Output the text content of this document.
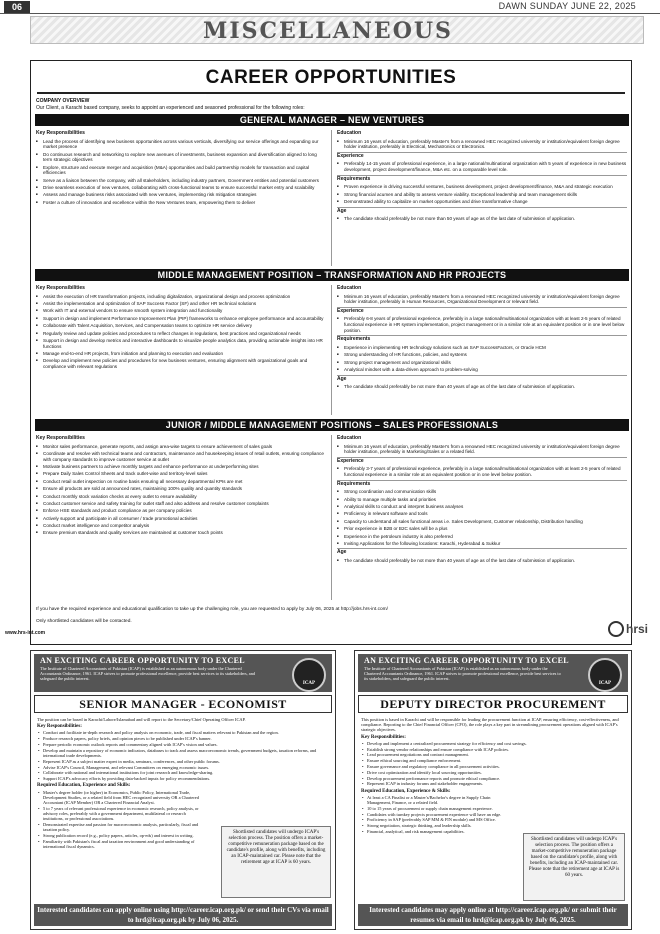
06	DAWN SUNDAY JUNE 22, 2025
MISCELLANEOUS
CAREER OPPORTUNITIES
COMPANY OVERVIEW
Our Client, a Karachi based company, seeks to appoint an experienced and seasoned professional for the following roles:
GENERAL MANAGER – NEW VENTURES
Key Responsibilities
■ Lead the process of identifying new business opportunities across various verticals, diversifying our service offerings and expanding our market presence
■ Do continuous research and networking to explore new avenues of investments, business expansion and diversification aligned to long term strategic objectives
■ Explore, structure and execute merger and acquisition (M&A) opportunities and build partnership models for transaction and capital efficiencies
■ Serve as a liaison between the company, with all stakeholders, including industry partners, Government entities and potential customers
■ Drive seamless execution of new ventures, collaborating with cross-functional teams to ensure successful market entry and scalability
■ Assess and manage business risks associated with new ventures, implementing risk mitigation strategies
■ Foster a culture of innovation and excellence within the New Ventures team, empowering them to deliver
Education
■ Minimum 16 years of education, preferably Master's from a renowned HEC recognized university or institution/equivalent foreign degree holder institution, preferably in Electrical, Mechatronics or Electronics.
Experience
■ Preferably 14-15 years of professional experience, in a large national/multinational organization with 5 years of experience in new business development, project development/finance, M&A etc. on a comparable level role.
Requirements
■ Proven experience in driving successful ventures, business development, project development/finance, M&A and strategic execution
■ Strong financial acumen and ability to assess venture viability. Exceptional leadership and team management skills
■ Demonstrated ability to capitalize on market opportunities and drive transformative change
Age
■ The candidate should preferably be not more than 50 years of age as of the last date of submission of application.
MIDDLE MANAGEMENT POSITION – TRANSFORMATION AND HR PROJECTS
Key Responsibilities
■ Assist the execution of HR transformation projects, including digitalization, organizational design and process optimization
■ Assist the implementation and optimization of SAP Success Factor (SF) and other HR technical solutions
■ Work with IT and external vendors to ensure smooth system integration and functionality
■ Support in design and implement Performance Improvement Plan (PIP) frameworks to enhance employee performance and accountability
■ Collaborate with Talent Acquisition, Services, and Compensation teams to optimize HR service delivery
■ Regularly review and update policies and procedures to reflect changes in regulations, best practices and organizational needs
■ Support in design and develop metrics and interactive dashboards to visualize people analytics data, providing actionable insights into HR functions
■ Manage end-to-end HR projects, from initiation and planning to execution and evaluation
■ Develop and implement new policies and procedures for new business ventures, ensuring alignment with organizational goals and compliance with relevant regulations
Education
■ Minimum 16 years of education, preferably Master's from a renowned HEC recognized university or institution/equivalent foreign degree holder institution, preferably in Human Resources, Organizational Development or relevant field.
Experience
■ Preferably 6-8 years of professional experience, preferably in a large national/multinational organization with at least 2-5 years of related functional experience in HR system implementation, project management or in a similar role at an equivalent position or in one level below position.
Requirements
■ Experience in implementing HR technology solutions such as SAP SuccessFactors, or Oracle HCM
■ Strong understanding of HR functions, policies, and systems
■ Strong project management and organizational skills
■ Analytical mindset with a data-driven approach to problem-solving
Age
■ The candidate should preferably be not more than 40 years of age as of the last date of submission of application.
JUNIOR / MIDDLE MANAGEMENT POSITIONS – SALES PROFESSIONALS
Key Responsibilities
■ Monitor sales performance, generate reports, and assign area-wise targets to ensure achievement of sales goals
■ Coordinate and resolve with technical teams and contractors, maintenance and housekeeping issues of retail outlets, ensuring compliance with company standards to improve customer service at outlet
■ Motivate business partners to achieve monthly targets and enhance performance at underperforming sites
■ Prepare Daily Sales Control Sheets and track outlet-wise and territory-level sales
■ Conduct retail outlet inspection on routine basis ensuring all necessary departmental KPIs are met
■ Ensure all products are sold at announced rates, maintaining 100% quality and quantity standards
■ Conduct monthly stock variation checks at every outlet to ensure availability
■ Conduct customer service and safety training for outlet staff and also address and resolve customer complaints
■ Enforce HSE standards and product compliance as per company policies
■ Actively support and participate in all consumer / trade promotional activities
■ Conduct market intelligence and competitor analysis
■ Ensure premium standards and quality services are maintained at customer touch points
Education
■ Minimum 16 years of education, preferably Master's from a renowned HEC recognized university or institution/equivalent foreign degree holder institution, preferably in Marketing/Sales or a related field.
Experience
■ Preferably 3-7 years of professional experience, preferably in a large national/multinational organization with at least 2-5 years of related functional experience in a similar role at an equivalent position or in one level below position.
Requirements
■ Strong coordination and communication skills
■ Ability to manage multiple tasks and priorities
■ Analytical skills to conduct and interpret business analyses
■ Proficiency in relevant software and tools
■ Capacity to understand all sales functional areas i.e. Sales Development, Customer relationship, Distribution handling
■ Prior experience in B2B or B2C sales will be a plus
■ Experience in the petroleum industry is also preferred
■ Inviting Applications for the following locations: Karachi, Hyderabad & Sukkur
Age
■ The candidate should preferably be not more than 40 years of age as of the last date of submission of application.
If you have the required experience and educational qualification to take up the challenging role, you are requested to apply by July 06, 2025 at http://jobs.hrs-int.com/
Only shortlisted candidates will be contacted.
www.hrs-int.com	hrsi
AN EXCITING CAREER OPPORTUNITY TO EXCEL
The Institute of Chartered Accountants of Pakistan (ICAP) is established as an autonomous body under the Chartered Accountants Ordinance, 1961. ICAP strives to promote professional excellence, provide best services to its stakeholders, and safeguard the public interest.
ICAP
SENIOR MANAGER - ECONOMIST
The position can be based in Karachi/Lahore/Islamabad and will report to the Secretary/Chief Operating Officer ICAP.
Key Responsibilities:
• Conduct and facilitate in-depth research and policy analysis on economic, trade, and fiscal matters relevant to Pakistan and the region.
• Produce research papers, policy briefs, and opinion pieces to be published under ICAP's banner.
• Prepare periodic economic outlook reports and commentary aligned with ICAP's vision and values.
• Develop and maintain a repository of economic indicators, databases to track and assess macroeconomic trends, government budgets, taxation reforms, and international trade developments.
• Represent ICAP as a subject matter expert in media, seminars, conferences, and other public forums.
• Advise ICAP's Council, Management, and relevant Committees on emerging economic issues.
• Collaborate with national and international institutions for joint research and knowledge-sharing.
• Support ICAP's advocacy efforts by providing data-backed inputs for policy recommendations.
Required Education, Experience and Skills:
• Master's degree holder (or higher) in Economics, Public Policy, International Trade, Development Studies, or a related field from HEC recognized university OR a Chartered Accountant (ICAP Member) OR a Chartered Financial Analyst.
• 5 to 7 years of relevant professional experience in economic research, policy analysis, or advisory roles, preferably with a government department, multilateral or research institutions, or professional associations.
• Demonstrated expertise and passion for macroeconomic analysis, particularly, fiscal and taxation policy.
• Strong publication record (e.g., policy papers, articles, op-eds) and interest in writing.
• Familiarity with Pakistan's fiscal and taxation environment and good understanding of international fiscal dynamics.
Shortlisted candidates will undergo ICAP's selection process. The position offers a market-competitive remuneration package based on the candidate's profile, along with benefits, including an ICAP-maintained car. Please note that the retirement age at ICAP is 60 years.
Interested candidates can apply online using http://career.icap.org.pk/ or send their CVs via email to hrd@icap.org.pk by July 06, 2025.
AN EXCITING CAREER OPPORTUNITY TO EXCEL
The Institute of Chartered Accountants of Pakistan (ICAP) is established as an autonomous body under the Chartered Accountants Ordinance, 1961. ICAP strives to promote professional excellence, provide best services to its stakeholders, and safeguard the public interest.
ICAP
DEPUTY DIRECTOR PROCUREMENT
This position is based in Karachi and will be responsible for leading the procurement function at ICAP, ensuring efficiency, cost-effectiveness, and compliance. Reporting to the Chief Financial Officer (CFO), the role plays a key part in streamlining procurement operations aligned with ICAP's strategic objectives.
Key Responsibilities:
• Develop and implement a centralized procurement strategy for efficiency and cost savings.
• Establish strong vendor relationships and ensure compliance with ICAP policies.
• Lead procurement negotiations and contract management.
• Ensure ethical sourcing and compliance enforcement.
• Ensure governance and regulatory compliance in all procurement activities.
• Drive cost optimization and identify local sourcing opportunities.
• Develop procurement performance reports and promote ethical compliance.
• Represent ICAP in industry forums and stakeholder engagements.
Required Education, Experience & Skills:
• At least a CA Finalist or a Master's/Bachelor's degree in Supply Chain Management, Finance, or a related field.
• 10 to 15 years of procurement or supply chain management experience.
• Candidates with turnkey projects procurement experience will have an edge.
• Proficiency in SAP (preferably SAP MM & FIN module) and MS Office.
• Strong negotiation, strategic thinking, and leadership skills.
• Financial, analytical, and risk management capabilities.
Shortlisted candidates will undergo ICAP's selection process. The position offers a market-competitive remuneration package based on the candidate's profile, along with benefits, including an ICAP-maintained car. Please note that the retirement age at ICAP is 60 years.
Interested candidates may apply online at http://career.icap.org.pk/ or submit their resumes via email to hrd@icap.org.pk by July 06, 2025.
